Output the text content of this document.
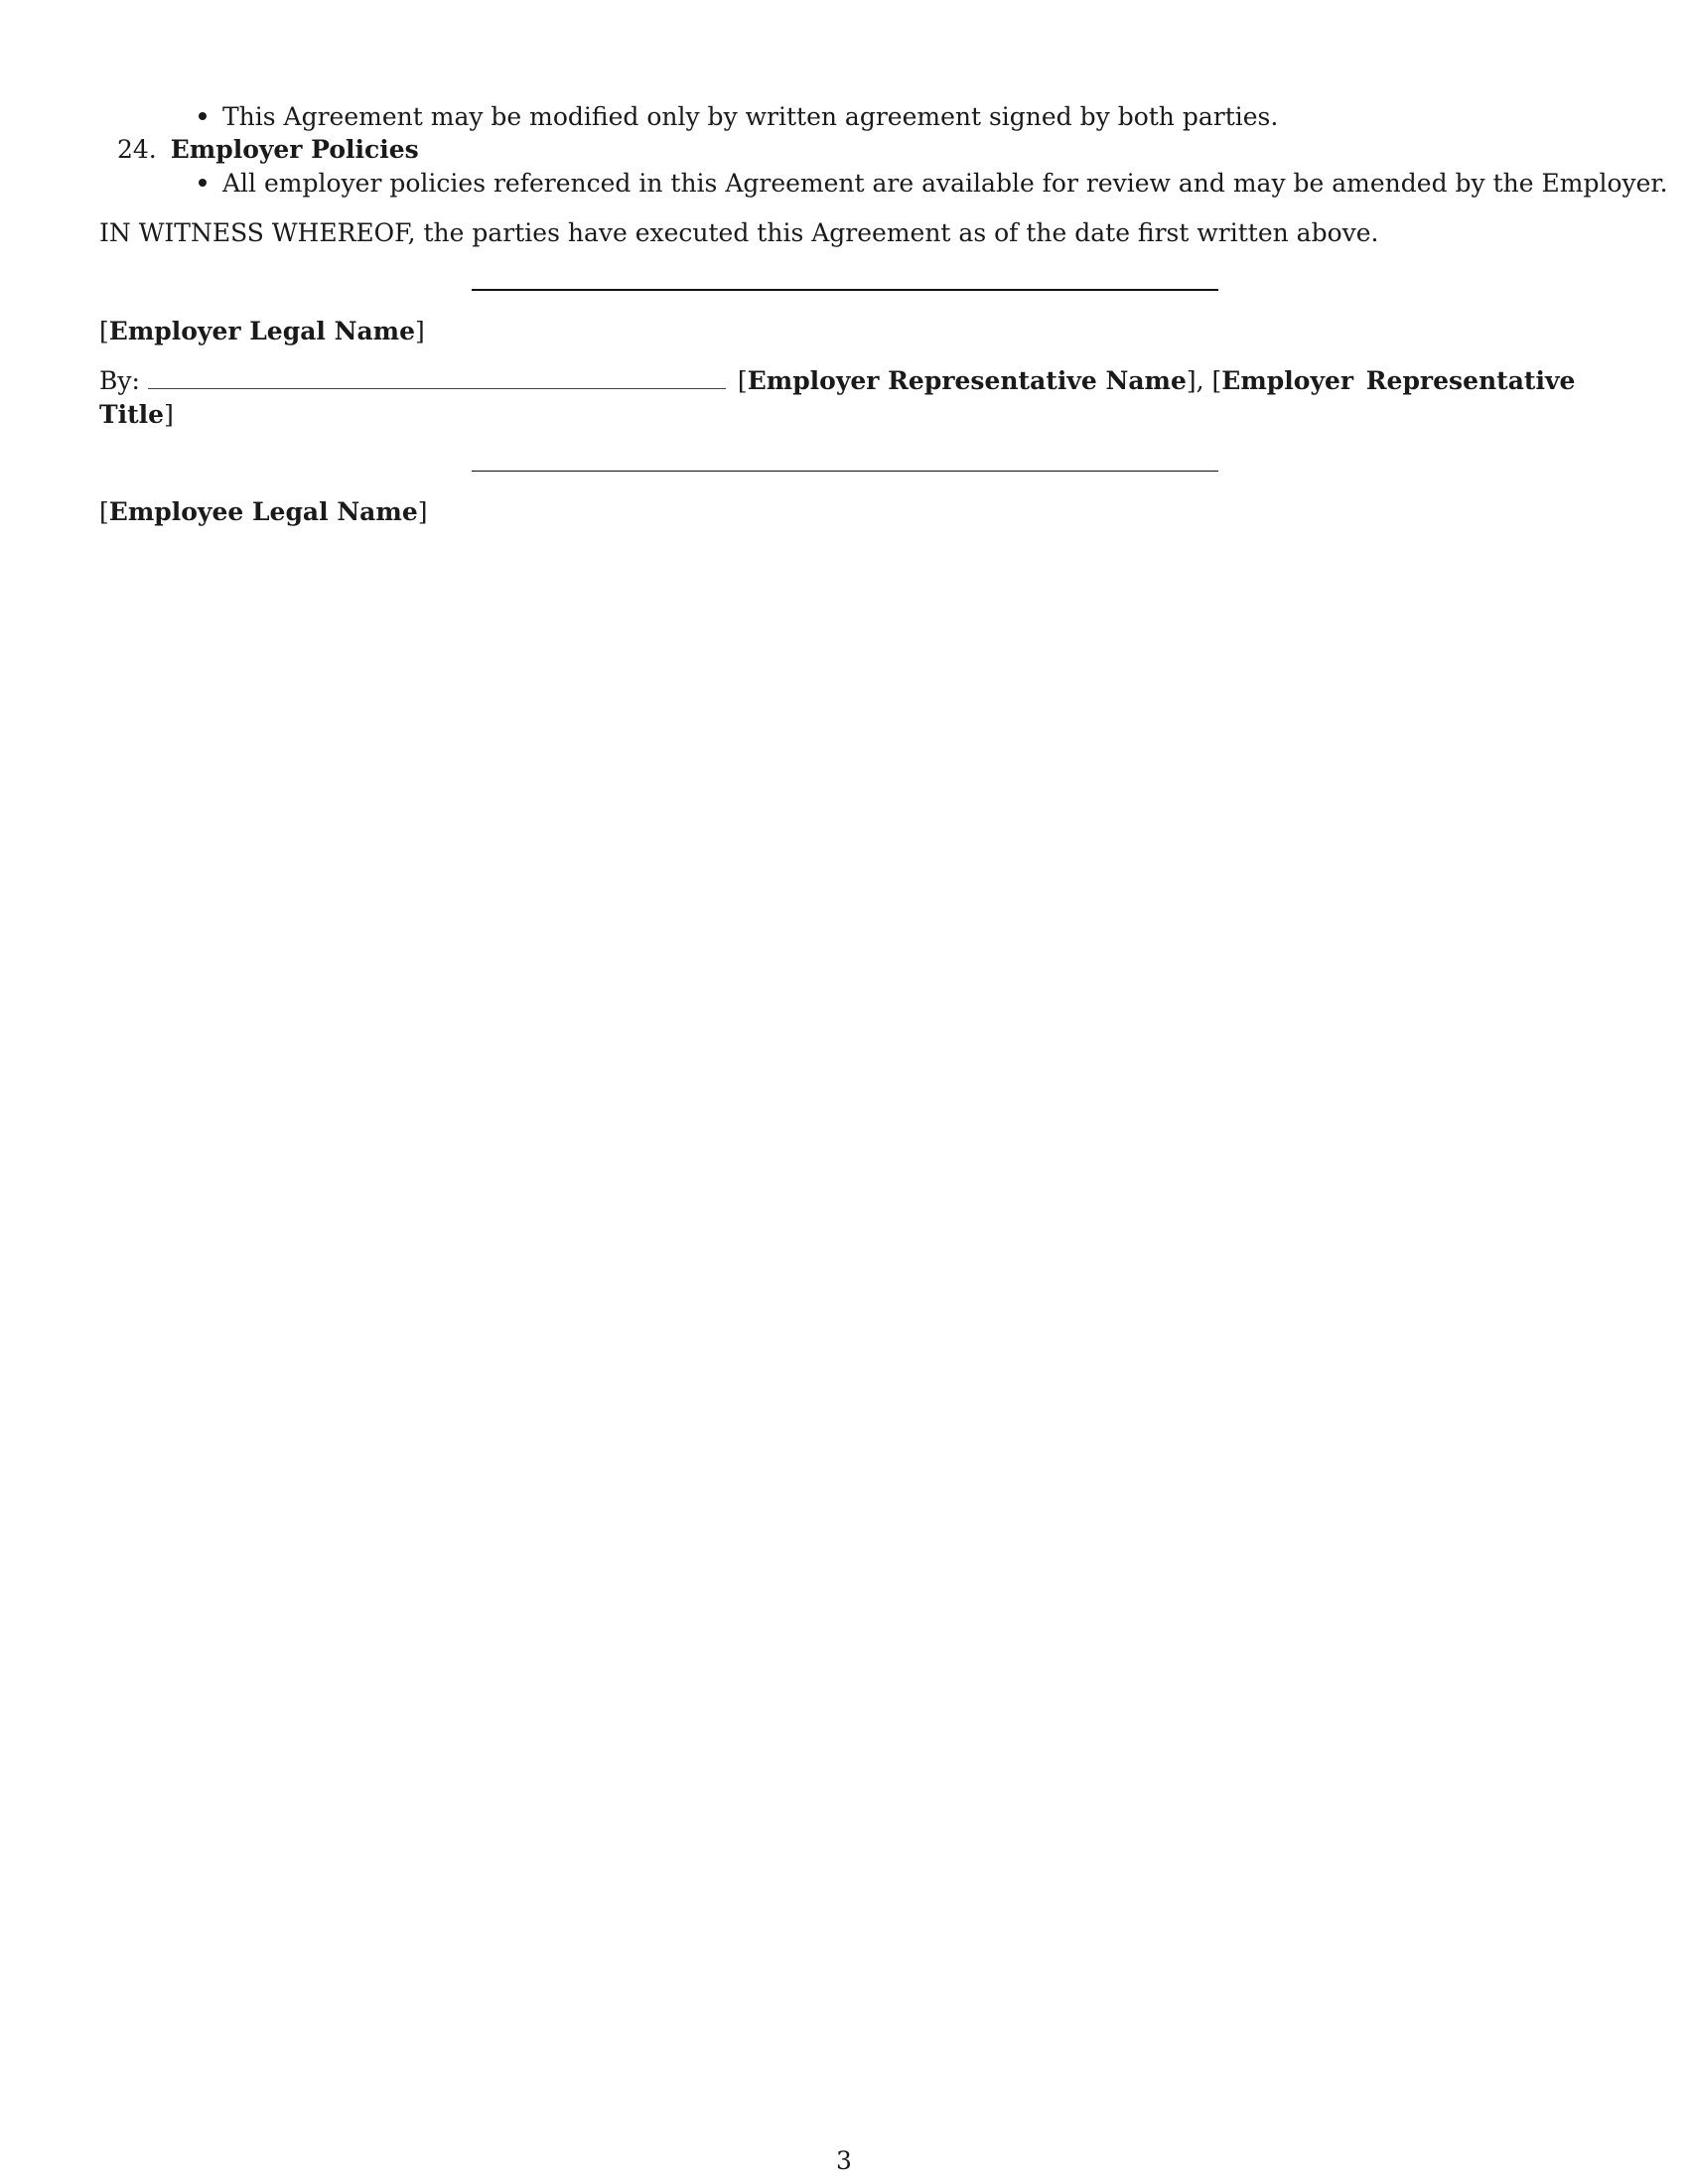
This Agreement may be modified only by written agreement signed by both parties.
24. Employer Policies
All employer policies referenced in this Agreement are available for review and may be amended by the Employer.
IN WITNESS WHEREOF, the parties have executed this Agreement as of the date first written above.
[Employer Legal Name]
By:	[Employer Representative Name], [Employer Representative
Title]
[Employee Legal Name]
3
